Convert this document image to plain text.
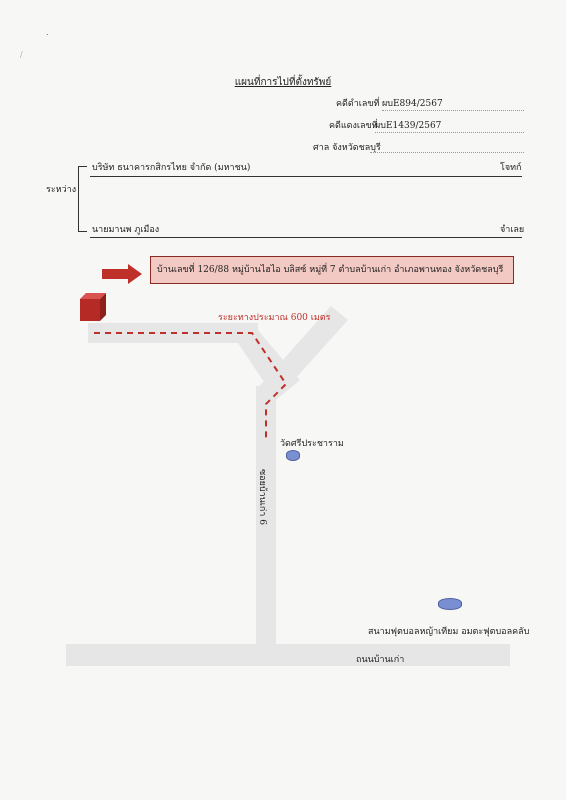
.
/
แผนที่การไปที่ตั้งทรัพย์
คดีดำเลขที่ ผบE894/2567
คดีแดงเลขที่
ผบE1439/2567
ศาล จังหวัดชลบุรี
ระหว่าง
บริษัท ธนาคารกสิกรไทย จำกัด (มหาชน)	โจทก์
นายมานพ ภูเมือง	จำเลย
บ้านเลขที่ 126/88 หมู่บ้านไฮไอ บลิสซ์ หมู่ที่ 7 ตำบลบ้านเก่า อำเภอพานทอง จังหวัดชลบุรี
ระยะทางประมาณ 600 เมตร
วัดศรีประชาราม
ซอยบ้านเก่า 6
สนามฟุตบอลหญ้าเทียม อมตะฟุตบอลคลับ
ถนนบ้านเก่า
